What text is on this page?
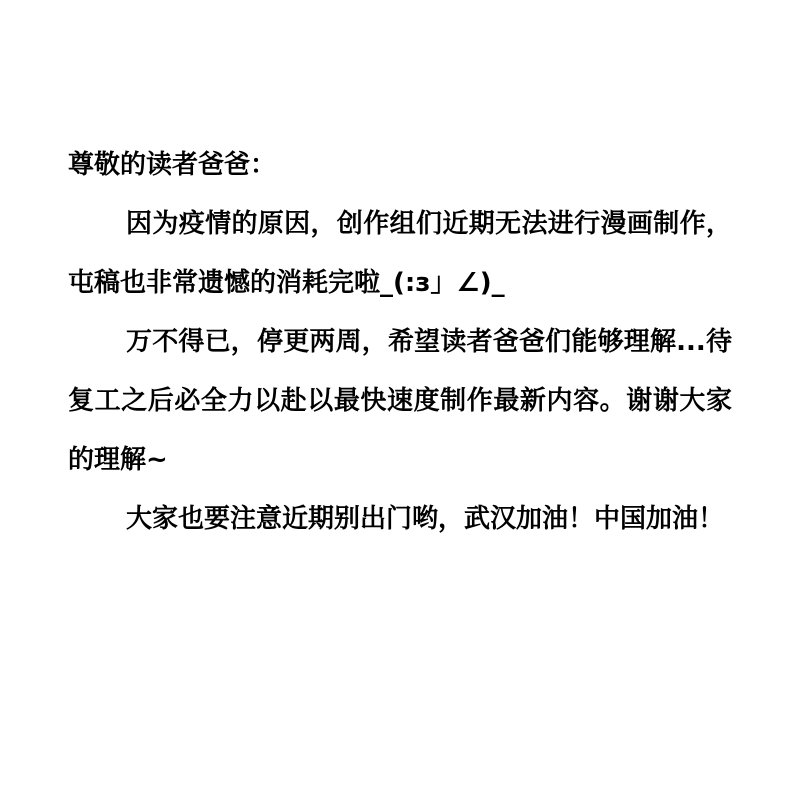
尊敬的读者爸爸：

因为疫情的原因，创作组们近期无法进行漫画制作，屯稿也非常遗憾的消耗完啦_(:з」∠)_

万不得已，停更两周，希望读者爸爸们能够理解...待复工之后必全力以赴以最快速度制作最新内容。谢谢大家的理解~

大家也要注意近期别出门哟，武汉加油！中国加油！
